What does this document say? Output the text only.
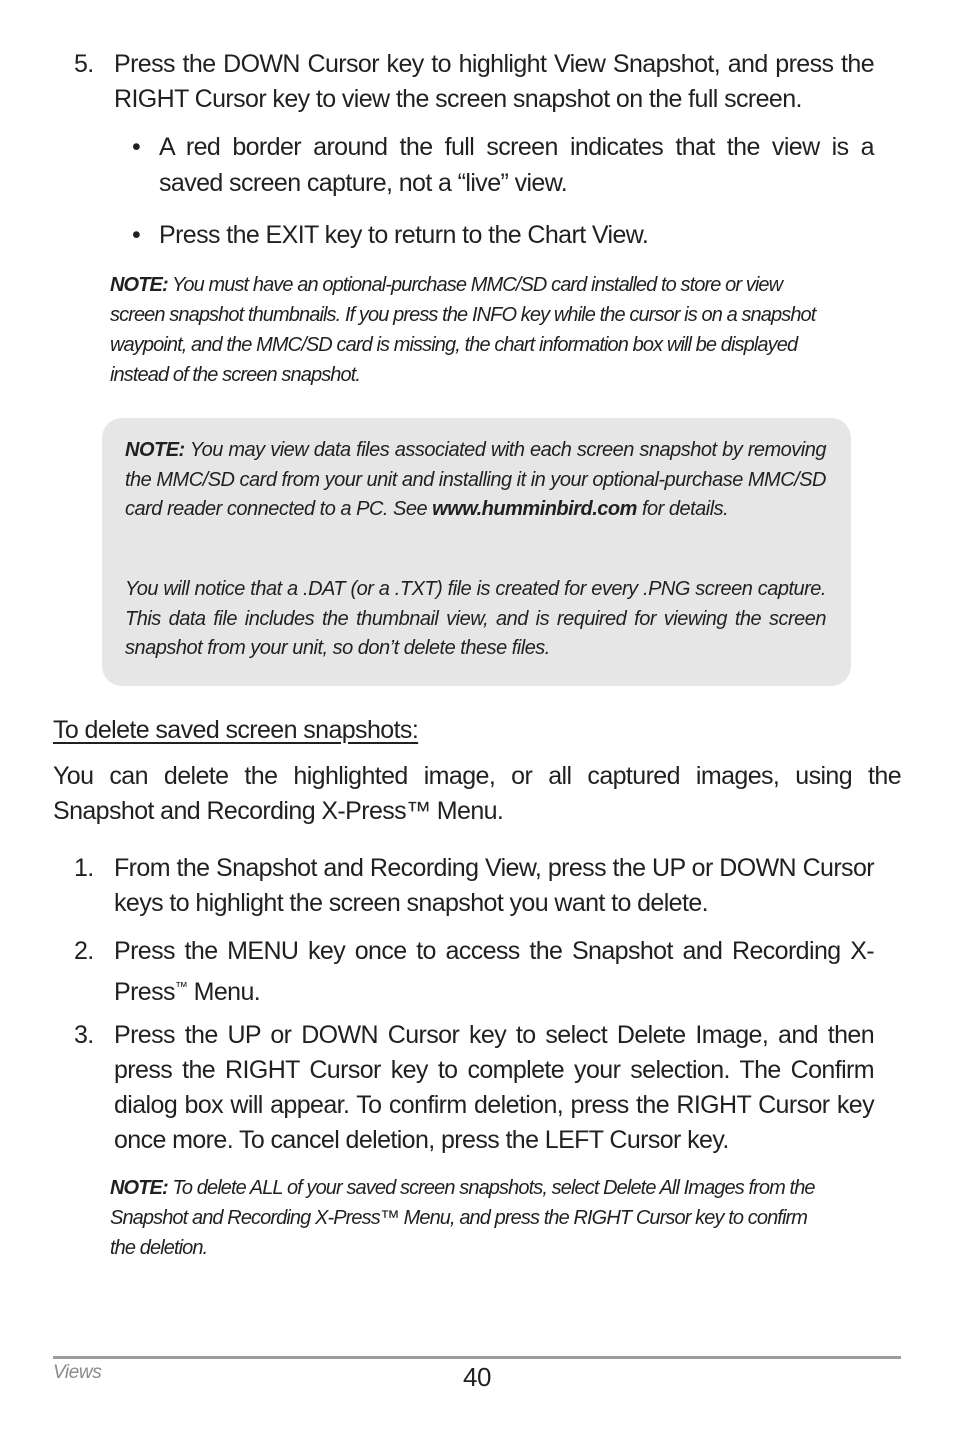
5. Press the DOWN Cursor key to highlight View Snapshot, and press the RIGHT Cursor key to view the screen snapshot on the full screen.
• A red border around the full screen indicates that the view is a saved screen capture, not a “live” view.
• Press the EXIT key to return to the Chart View.
NOTE: You must have an optional-purchase MMC/SD card installed to store or view
screen snapshot thumbnails. If you press the INFO key while the cursor is on a snapshot
waypoint, and the MMC/SD card is missing, the chart information box will be displayed
instead of the screen snapshot.
NOTE: You may view data files associated with each screen snapshot by removing the MMC/SD card from your unit and installing it in your optional-purchase MMC/SD card reader connected to a PC. See www.humminbird.com for details.
You will notice that a .DAT (or a .TXT) file is created for every .PNG screen capture. This data file includes the thumbnail view, and is required for viewing the screen snapshot from your unit, so don’t delete these files.
To delete saved screen snapshots:
You can delete the highlighted image, or all captured images, using the Snapshot and Recording X-Press™ Menu.
1. From the Snapshot and Recording View, press the UP or DOWN Cursor keys to highlight the screen snapshot you want to delete.
2. Press the MENU key once to access the Snapshot and Recording X-Press™ Menu.
3. Press the UP or DOWN Cursor key to select Delete Image, and then press the RIGHT Cursor key to complete your selection. The Confirm dialog box will appear. To confirm deletion, press the RIGHT Cursor key once more. To cancel deletion, press the LEFT Cursor key.
NOTE: To delete ALL of your saved screen snapshots, select Delete All Images from the
Snapshot and Recording X-Press™ Menu, and press the RIGHT Cursor key to confirm
the deletion.
Views	40
